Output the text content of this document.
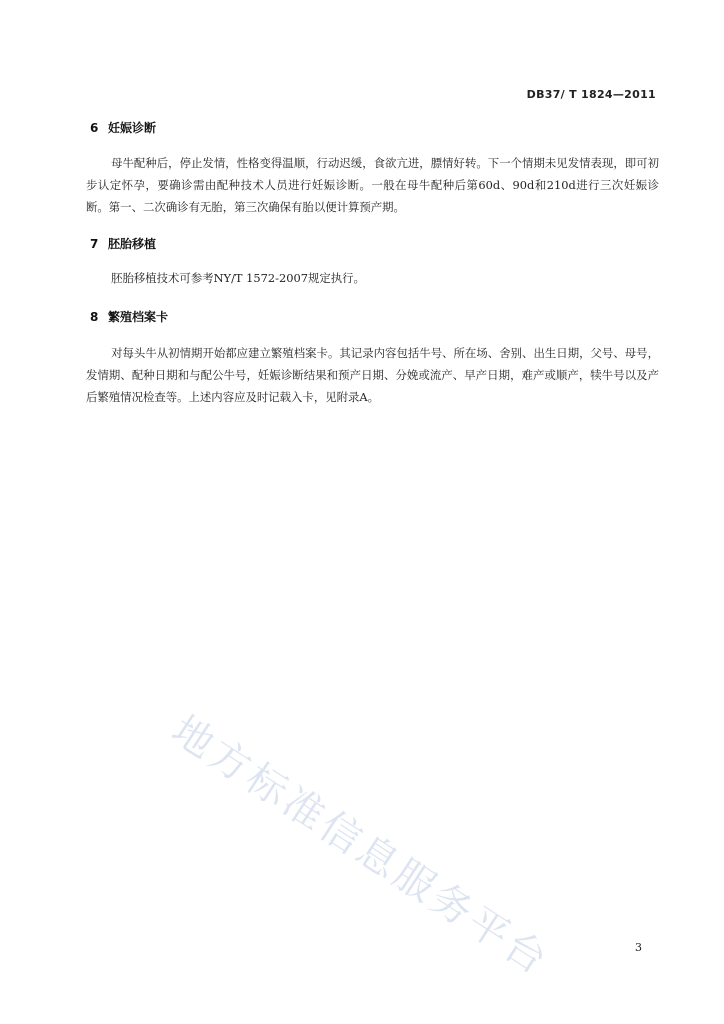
DB37/ T 1824—2011
6 妊娠诊断

母牛配种后，停止发情，性格变得温顺，行动迟缓，食欲亢进，膘情好转。下一个情期未见发情表现，即可初步认定怀孕，要确诊需由配种技术人员进行妊娠诊断。一般在母牛配种后第60d、90d和210d进行三次妊娠诊断。第一、二次确诊有无胎，第三次确保有胎以便计算预产期。

7 胚胎移植

胚胎移植技术可参考NY/T 1572-2007规定执行。

8 繁殖档案卡

对每头牛从初情期开始都应建立繁殖档案卡。其记录内容包括牛号、所在场、舍别、出生日期，父号、母号，发情期、配种日期和与配公牛号，妊娠诊断结果和预产日期、分娩或流产、早产日期，难产或顺产，犊牛号以及产后繁殖情况检查等。上述内容应及时记载入卡，见附录A。

地方标准信息服务平台	3
